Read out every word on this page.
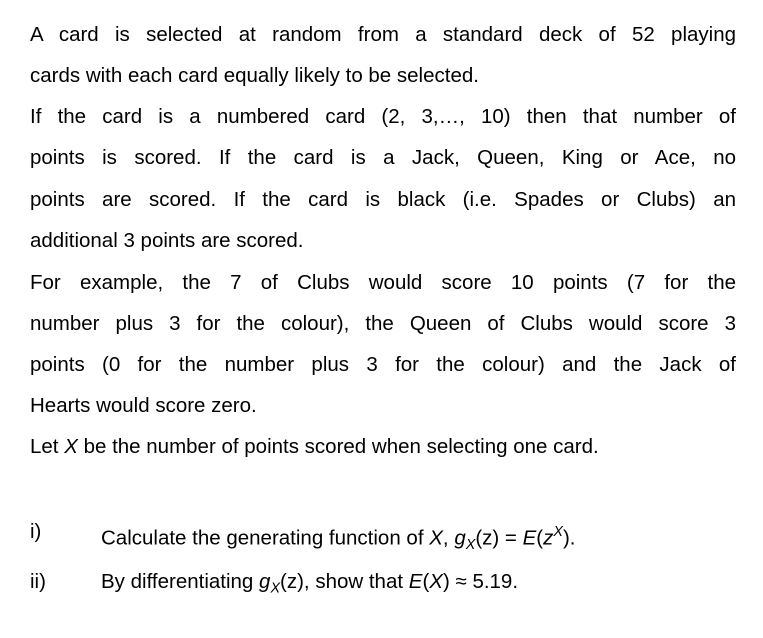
A card is selected at random from a standard deck of 52 playing
cards with each card equally likely to be selected.
If the card is a numbered card (2, 3,…, 10) then that number of
points is scored. If the card is a Jack, Queen, King or Ace, no
points are scored. If the card is black (i.e. Spades or Clubs) an
additional 3 points are scored.
For example, the 7 of Clubs would score 10 points (7 for the
number plus 3 for the colour), the Queen of Clubs would score 3
points (0 for the number plus 3 for the colour) and the Jack of
Hearts would score zero.
Let X be the number of points scored when selecting one card.
i)	Calculate the generating function of X, $g_X(z) = E(z^X)$.
ii)	By differentiating $g_X(z)$, show that E(X) ≈ 5.19.
